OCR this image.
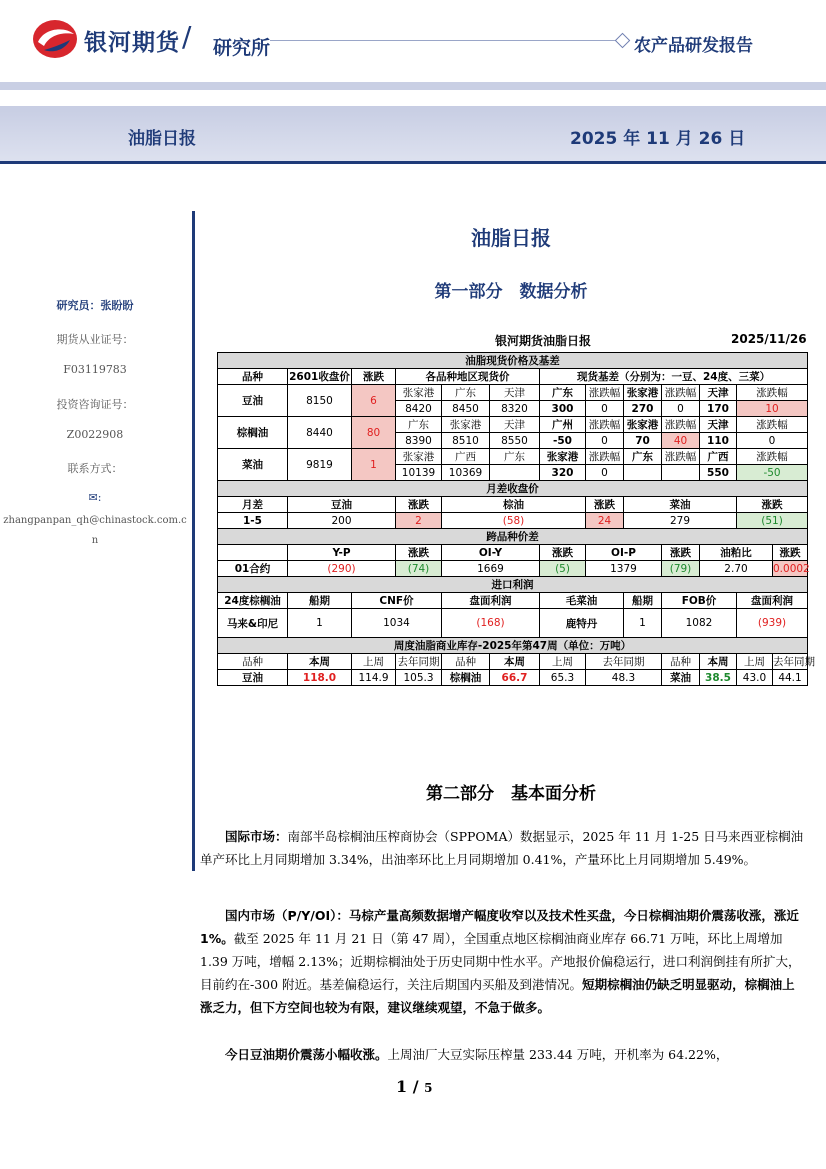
银河期货 / 研究所	农产品研发报告
油脂日报	2025 年 11 月 26 日
研究员：张盼盼
期货从业证号：
F03119783
投资咨询证号：
Z0022908
联系方式：
✉:
zhangpanpan_qh@chinastock.com.c
n
油脂日报
第一部分　数据分析
银河期货油脂日报	2025/11/26
油脂现货价格及基差												
品种	2601收盘价	涨跌	各品种地区现货价			现货基差（分别为：一豆、24度、三菜）						
豆油	8150	6	张家港	广东	天津	广东	涨跌幅	张家港	涨跌幅	天津	涨跌幅	
			8420	8450	8320	300	0	270	0	170	10	
棕榈油	8440	80	广东	张家港	天津	广州	涨跌幅	张家港	涨跌幅	天津	涨跌幅	
			8390	8510	8550	-50	0	70	40	110	0	
菜油	9819	1	张家港	广西	广东	张家港	涨跌幅	广东	涨跌幅	广西	涨跌幅	
			10139	10369		320	0			550	-50	
月差收盘价												
月差	豆油		涨跌	棕油			涨跌	菜油			涨跌	
1-5	200		2	(58)			24	279			(51)	
跨品种价差												
	Y-P		涨跌	OI-Y		涨跌	OI-P		涨跌	油粕比		涨跌
01合约	(290)		(74)	1669		(5)	1379		(79)	2.70		0.0002
进口利润												
24度棕榈油	船期	CNF价		盘面利润		毛菜油		船期	FOB价		盘面利润	
马来&印尼	1	1034		(168)		鹿特丹		1	1082		(939)	
周度油脂商业库存-2025年第47周（单位：万吨）												
品种	本周	上周	去年同期	品种	本周	上周	去年同期		品种	本周	上周	去年同期
豆油	118.0	114.9	105.3	棕榈油	66.7	65.3	48.3		菜油	38.5	43.0	44.1
第二部分　基本面分析
国际市场：南部半岛棕榈油压榨商协会（SPPOMA）数据显示，2025 年 11 月 1-25 日马来西亚棕榈油单产环比上月同期增加 3.34%，出油率环比上月同期增加 0.41%，产量环比上月同期增加 5.49%。
国内市场（P/Y/OI）：马棕产量高频数据增产幅度收窄以及技术性买盘，今日棕榈油期价震荡收涨，涨近 1%。截至 2025 年 11 月 21 日（第 47 周），全国重点地区棕榈油商业库存 66.71 万吨，环比上周增加 1.39 万吨，增幅 2.13%；近期棕榈油处于历史同期中性水平。产地报价偏稳运行，进口利润倒挂有所扩大，目前约在-300 附近。基差偏稳运行，关注后期国内买船及到港情况。短期棕榈油仍缺乏明显驱动，棕榈油上涨乏力，但下方空间也较为有限，建议继续观望，不急于做多。
今日豆油期价震荡小幅收涨。上周油厂大豆实际压榨量 233.44 万吨，开机率为 64.22%，
1 / 5
